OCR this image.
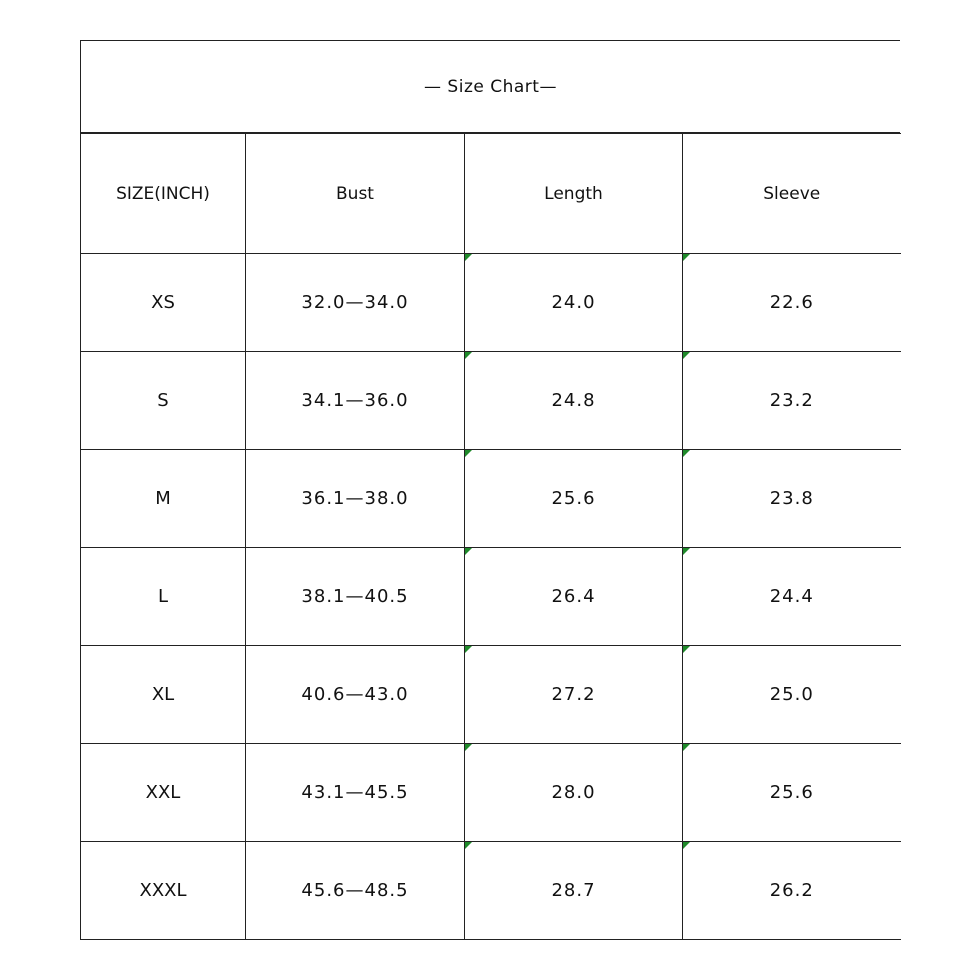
— Size Chart—
SIZE(INCH)	Bust	Length	Sleeve
XS	32.0—34.0	24.0	22.6
S	34.1—36.0	24.8	23.2
M	36.1—38.0	25.6	23.8
L	38.1—40.5	26.4	24.4
XL	40.6—43.0	27.2	25.0
XXL	43.1—45.5	28.0	25.6
XXXL	45.6—48.5	28.7	26.2
